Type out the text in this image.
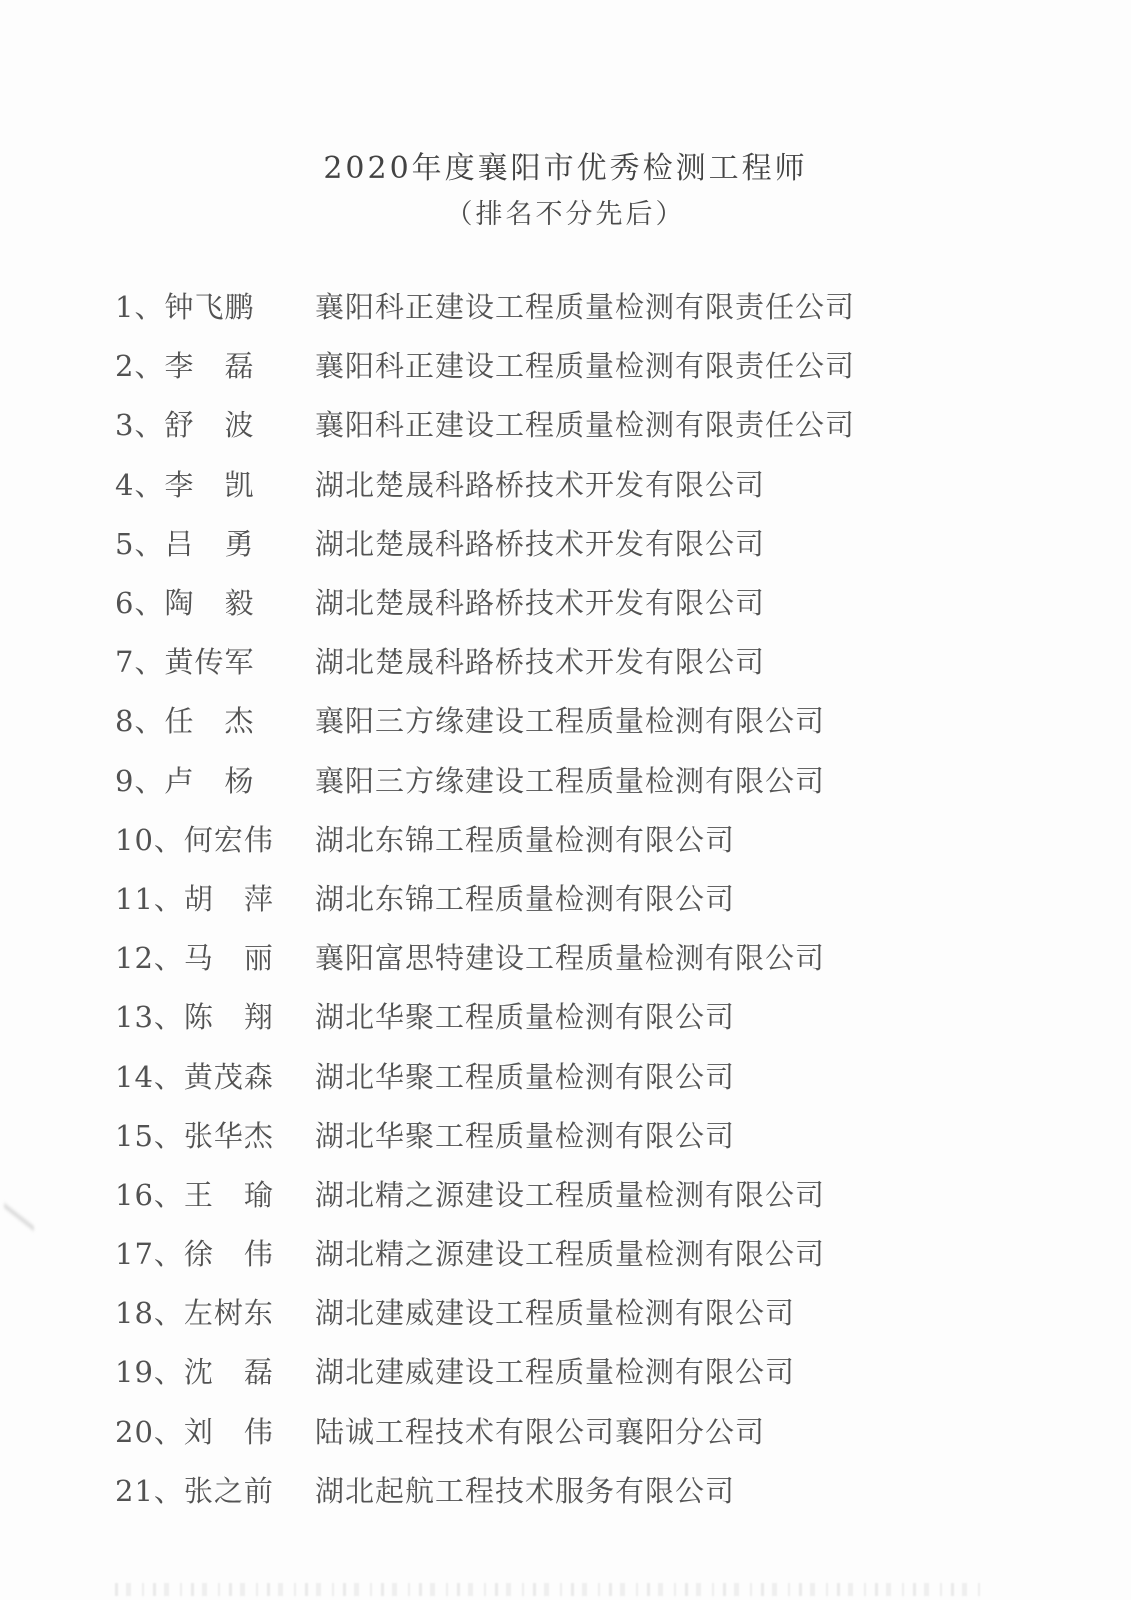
2020年度襄阳市优秀检测工程师
（排名不分先后）
1、钟飞鹏	襄阳科正建设工程质量检测有限责任公司
2、李　磊	襄阳科正建设工程质量检测有限责任公司
3、舒　波	襄阳科正建设工程质量检测有限责任公司
4、李　凯	湖北楚晟科路桥技术开发有限公司
5、吕　勇	湖北楚晟科路桥技术开发有限公司
6、陶　毅	湖北楚晟科路桥技术开发有限公司
7、黄传军	湖北楚晟科路桥技术开发有限公司
8、任　杰	襄阳三方缘建设工程质量检测有限公司
9、卢　杨	襄阳三方缘建设工程质量检测有限公司
10、何宏伟	湖北东锦工程质量检测有限公司
11、胡　萍	湖北东锦工程质量检测有限公司
12、马　丽	襄阳富思特建设工程质量检测有限公司
13、陈　翔	湖北华聚工程质量检测有限公司
14、黄茂森	湖北华聚工程质量检测有限公司
15、张华杰	湖北华聚工程质量检测有限公司
16、王　瑜	湖北精之源建设工程质量检测有限公司
17、徐　伟	湖北精之源建设工程质量检测有限公司
18、左树东	湖北建威建设工程质量检测有限公司
19、沈　磊	湖北建威建设工程质量检测有限公司
20、刘　伟	陆诚工程技术有限公司襄阳分公司
21、张之前	湖北起航工程技术服务有限公司
